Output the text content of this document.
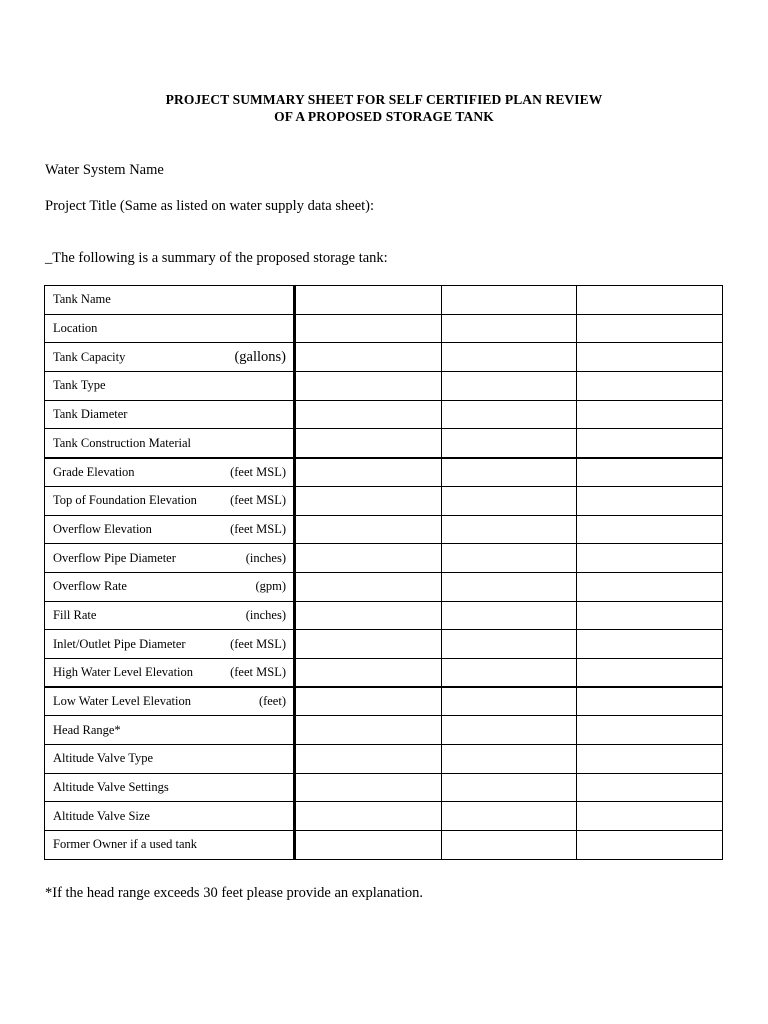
PROJECT SUMMARY SHEET FOR SELF CERTIFIED PLAN REVIEW
OF A PROPOSED STORAGE TANK
Water System Name
Project Title (Same as listed on water supply data sheet):
_The following is a summary of the proposed storage tank:
Tank Name			

Location			

Tank Capacity (gallons)			

Tank Type			

Tank Diameter			

Tank Construction Material			

Grade Elevation (feet MSL)			

Top of Foundation Elevation (feet MSL)			

Overflow Elevation (feet MSL)			

Overflow Pipe Diameter (inches)			

Overflow Rate (gpm)			

Fill Rate (inches)			

Inlet/Outlet Pipe Diameter (feet MSL)			

High Water Level Elevation (feet MSL)			

Low Water Level Elevation (feet)			

Head Range*			

Altitude Valve Type			

Altitude Valve Settings			

Altitude Valve Size			

Former Owner if a used tank			

*If the head range exceeds 30 feet please provide an explanation.
